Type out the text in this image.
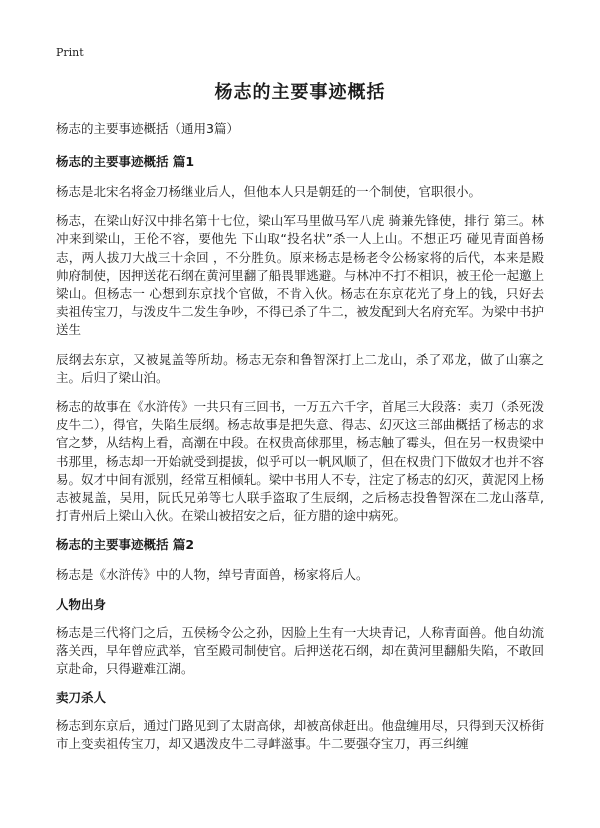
Print
杨志的主要事迹概括

杨志的主要事迹概括（通用3篇）

杨志的主要事迹概括 篇1

杨志是北宋名将金刀杨继业后人，但他本人只是朝廷的一个制使，官职很小。

杨志，在梁山好汉中排名第十七位，梁山军马里做马军八虎 骑兼先锋使，排行 第三。林冲来到梁山，王伦不容，要他先 下山取“投名状”杀一人上山。不想正巧 碰见青面兽杨志，两人拔刀大战三十余回 ，不分胜负。原来杨志是杨老令公杨家将的后代，本来是殿帅府制使，因押送花石纲在黄河里翻了船畏罪逃避。与林冲不打不相识，被王伦一起邀上梁山。但杨志一 心想到东京找个官做，不肯入伙。杨志在东京花光了身上的钱，只好去卖祖传宝刀，与泼皮牛二发生争吵，不得已杀了牛二，被发配到大名府充军。为梁中书护送生

辰纲去东京，又被晁盖等所劫。杨志无奈和鲁智深打上二龙山，杀了邓龙，做了山寨之主。后归了梁山泊。

杨志的故事在《水浒传》一共只有三回书，一万五六千字，首尾三大段落：卖刀（杀死泼皮牛二），得官，失陷生辰纲。杨志故事是把失意、得志、幻灭这三部曲概括了杨志的求官之梦，从结构上看，高潮在中段。在权贵高俅那里，杨志触了霉头，但在另一权贵梁中书那里，杨志却一开始就受到提拔，似乎可以一帆风顺了，但在权贵门下做奴才也并不容易。奴才中间有派别，经常互相倾轧。梁中书用人不专，注定了杨志的幻灭，黄泥冈上杨志被晁盖，吴用，阮氏兄弟等七人联手盗取了生辰纲，之后杨志投鲁智深在二龙山落草,打青州后上梁山入伙。在梁山被招安之后，征方腊的途中病死。

杨志的主要事迹概括 篇2

杨志是《水浒传》中的人物，绰号青面兽，杨家将后人。

人物出身

杨志是三代将门之后，五侯杨令公之孙，因脸上生有一大块青记，人称青面兽。他自幼流落关西，早年曾应武举，官至殿司制使官。后押送花石纲，却在黄河里翻船失陷，不敢回京赴命，只得避难江湖。

卖刀杀人

杨志到东京后，通过门路见到了太尉高俅，却被高俅赶出。他盘缠用尽，只得到天汉桥街市上变卖祖传宝刀，却又遇泼皮牛二寻衅滋事。牛二要强夺宝刀，再三纠缠
